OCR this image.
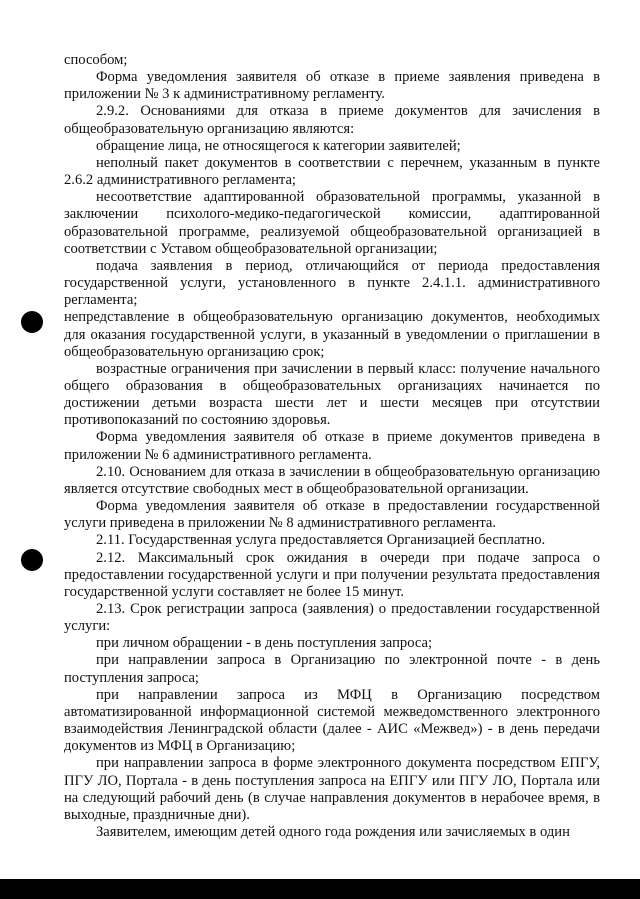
способом;

Форма уведомления заявителя об отказе в приеме заявления приведена в приложении № 3 к административному регламенту.

2.9.2. Основаниями для отказа в приеме документов для зачисления в общеобразовательную организацию являются:

обращение лица, не относящегося к категории заявителей;

неполный пакет документов в соответствии с перечнем, указанным в пункте 2.6.2 административного регламента;

несоответствие адаптированной образовательной программы, указанной в заключении психолого-медико-педагогической комиссии, адаптированной образовательной программе, реализуемой общеобразовательной организацией в соответствии с Уставом общеобразовательной организации;

подача заявления в период, отличающийся от периода предоставления государственной услуги, установленного в пункте 2.4.1.1. административного регламента;

непредставление в общеобразовательную организацию документов, необходимых для оказания государственной услуги, в указанный в уведомлении о приглашении в общеобразовательную организацию срок;

возрастные ограничения при зачислении в первый класс: получение начального общего образования в общеобразовательных организациях начинается по достижении детьми возраста шести лет и шести месяцев при отсутствии противопоказаний по состоянию здоровья.

Форма уведомления заявителя об отказе в приеме документов приведена в приложении № 6 административного регламента.

2.10. Основанием для отказа в зачислении в общеобразовательную организацию является отсутствие свободных мест в общеобразовательной организации.

Форма уведомления заявителя об отказе в предоставлении государственной услуги приведена в приложении № 8 административного регламента.

2.11. Государственная услуга предоставляется Организацией бесплатно.

2.12. Максимальный срок ожидания в очереди при подаче запроса о предоставлении государственной услуги и при получении результата предоставления государственной услуги составляет не более 15 минут.

2.13. Срок регистрации запроса (заявления) о предоставлении государственной услуги:

при личном обращении - в день поступления запроса;

при направлении запроса в Организацию по электронной почте - в день поступления запроса;

при направлении запроса из МФЦ в Организацию посредством автоматизированной информационной системой межведомственного электронного взаимодействия Ленинградской области (далее - АИС «Межвед») - в день передачи документов из МФЦ в Организацию;

при направлении запроса в форме электронного документа посредством ЕПГУ, ПГУ ЛО, Портала - в день поступления запроса на ЕПГУ или ПГУ ЛО, Портала или на следующий рабочий день (в случае направления документов в нерабочее время, в выходные, праздничные дни).

Заявителем, имеющим детей одного года рождения или зачисляемых в один
